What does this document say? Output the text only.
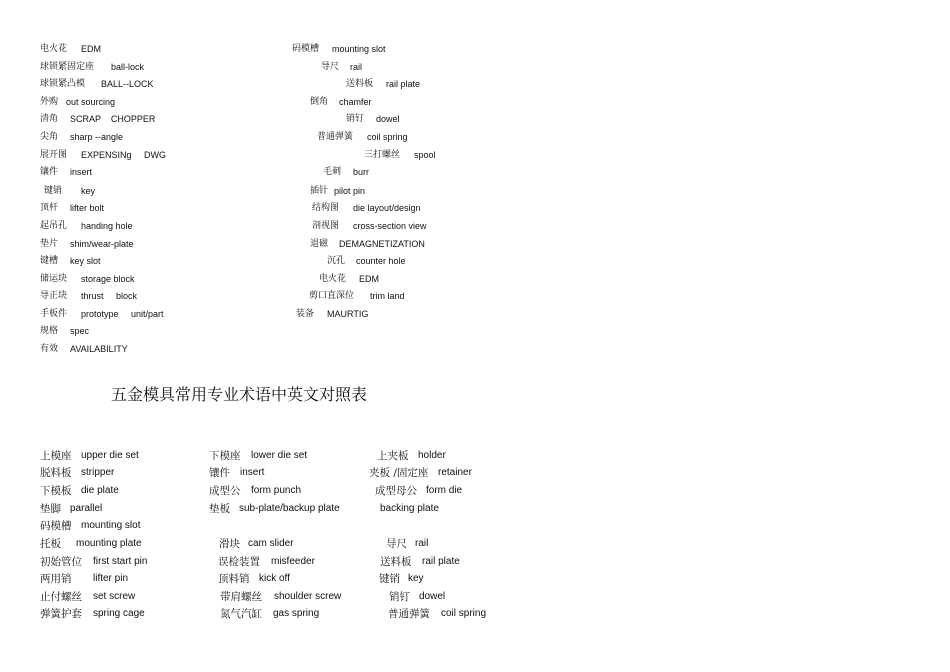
电火花 EDM
球锁紧固定座 ball-lock
球锁紧凸模 BALL--LOCK
外购 out sourcing
清角 SCRAP    CHOPPER
尖角 sharp --angle
展开图 EXPENSINg     DWG
镶件 insert
键销 key
顶杆 lifter bolt
起吊孔 handing hole
垫片 shim/wear-plate
键槽 key slot
储运块 storage block
导正块 thrust     block
手板件 prototype     unit/part
规格 spec
有效 AVAILABILITY
码模槽 mounting slot
导尺 rail
送料板 rail plate
倒角 chamfer
销钉 dowel
普通弹簧 coil spring
三打螺丝 spool
毛刺 burr
插针 pilot pin
结构图 die layout/design
剖视图 cross-section view
退磁 DEMAGNETIZATION
沉孔 counter hole
电火花 EDM
剪口直深位 trim land
装备 MAURTIG
五金模具常用专业术语中英文对照表
上模座 upper die set
脱料板 stripper
下模板 die plate
垫脚 parallel
码模槽 mounting slot
托板 mounting plate
初始管位 first start pin
两用销 lifter pin
止付螺丝 set screw
弹簧护套 spring cage
下模座 lower die set
镶件 insert
成型公 form punch
垫板 sub-plate/backup plate
滑块 cam slider
误检装置 misfeeder
顶料销 kick off
带肩螺丝 shoulder screw
氮气汽缸 gas spring
上夹板 holder
夹板 /固定座 retainer
成型母公 form die
backing plate
导尺 rail
送料板 rail plate
键销 key
销钉 dowel
普通弹簧 coil spring
